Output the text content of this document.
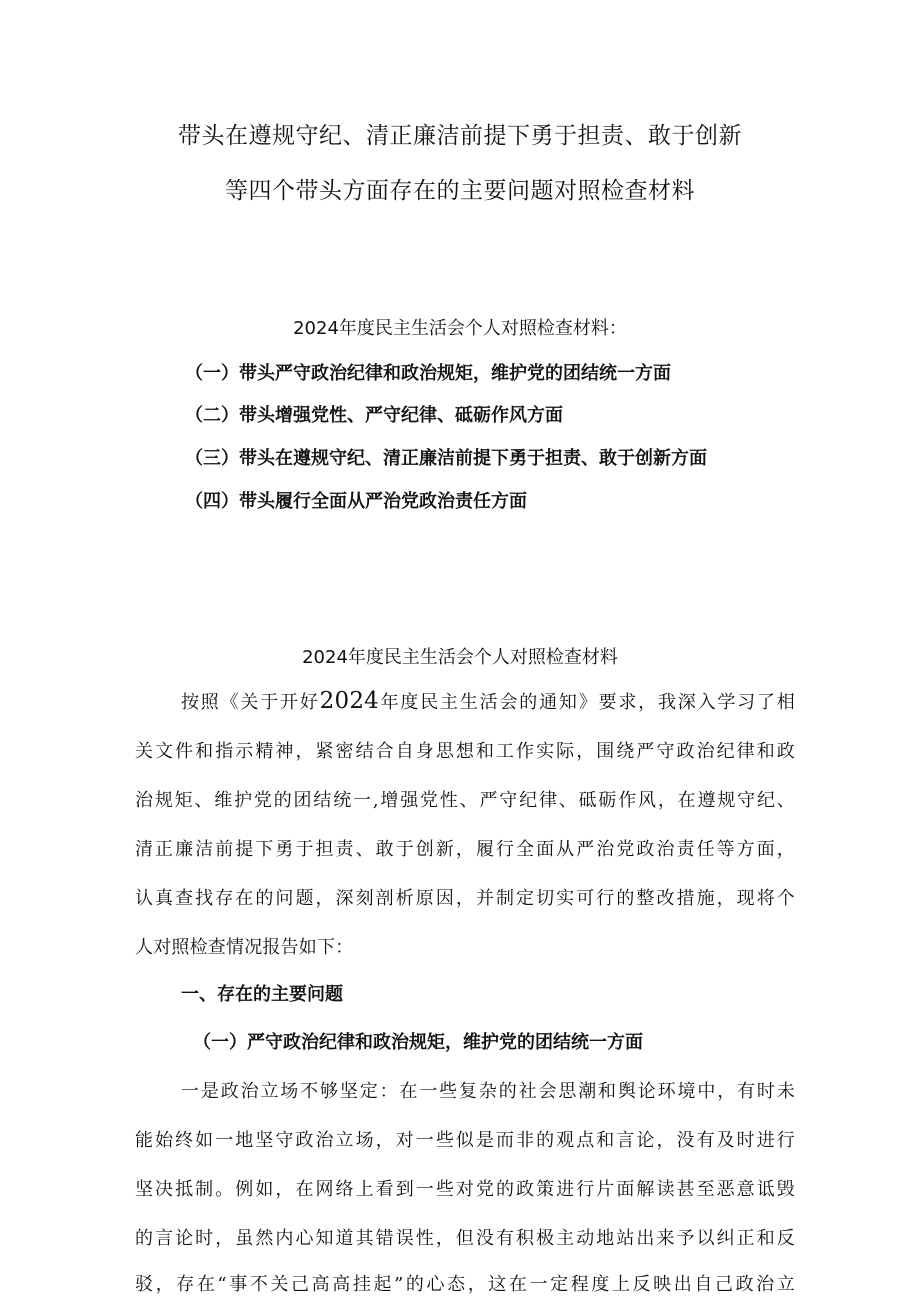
带头在遵规守纪、清正廉洁前提下勇于担责、敢于创新
等四个带头方面存在的主要问题对照检查材料
2024年度民主生活会个人对照检查材料：
（一）带头严守政治纪律和政治规矩，维护党的团结统一方面
（二）带头增强党性、严守纪律、砥砺作风方面
（三）带头在遵规守纪、清正廉洁前提下勇于担责、敢于创新方面
（四）带头履行全面从严治党政治责任方面
2024年度民主生活会个人对照检查材料
按照《关于开好2024年度民主生活会的通知》要求，我深入学习了相
关文件和指示精神，紧密结合自身思想和工作实际，围绕严守政治纪律和政
治规矩、维护党的团结统一,增强党性、严守纪律、砥砺作风，在遵规守纪、
清正廉洁前提下勇于担责、敢于创新，履行全面从严治党政治责任等方面，
认真查找存在的问题，深刻剖析原因，并制定切实可行的整改措施，现将个
人对照检查情况报告如下：
一、存在的主要问题
（一）严守政治纪律和政治规矩，维护党的团结统一方面
一是政治立场不够坚定：在一些复杂的社会思潮和舆论环境中，有时未
能始终如一地坚守政治立场，对一些似是而非的观点和言论，没有及时进行
坚决抵制。例如，在网络上看到一些对党的政策进行片面解读甚至恶意诋毁
的言论时，虽然内心知道其错误性，但没有积极主动地站出来予以纠正和反
驳，存在“事不关己高高挂起”的心态，这在一定程度上反映出自己政治立
